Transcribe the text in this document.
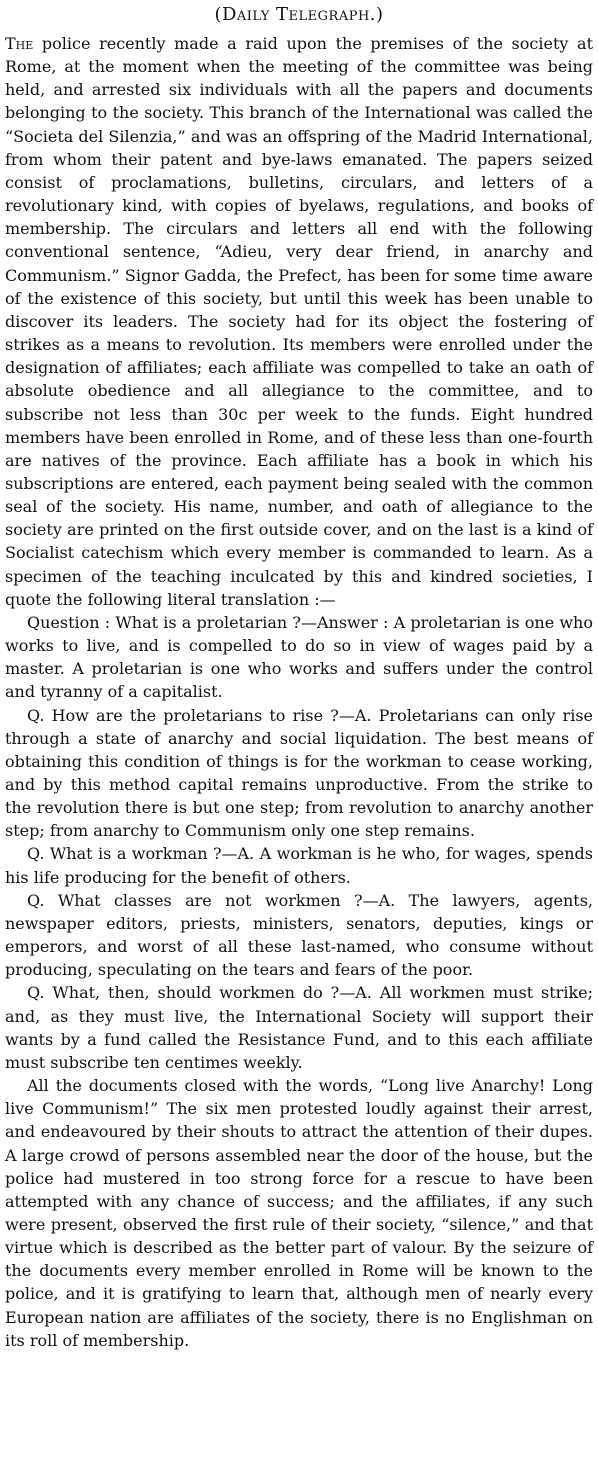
(Daily Telegraph.)

The police recently made a raid upon the premises of the society at Rome, at the moment when the meeting of the committee was being held, and arrested six individuals with all the papers and documents belonging to the society. This branch of the International was called the “Societa del Silenzia,” and was an offspring of the Madrid International, from whom their patent and bye-laws emanated. The papers seized consist of proclamations, bulletins, circulars, and letters of a revolutionary kind, with copies of byelaws, regulations, and books of membership. The circulars and letters all end with the following conventional sentence, “Adieu, very dear friend, in anarchy and Communism.” Signor Gadda, the Prefect, has been for some time aware of the existence of this society, but until this week has been unable to discover its leaders. The society had for its object the fostering of strikes as a means to revolution. Its members were enrolled under the designation of affiliates; each affiliate was compelled to take an oath of absolute obedience and all allegiance to the committee, and to subscribe not less than 30c per week to the funds. Eight hundred members have been enrolled in Rome, and of these less than one-fourth are natives of the province. Each affiliate has a book in which his subscriptions are entered, each payment being sealed with the common seal of the society. His name, number, and oath of allegiance to the society are printed on the first outside cover, and on the last is a kind of Socialist catechism which every member is commanded to learn. As a specimen of the teaching inculcated by this and kindred societies, I quote the following literal translation :—

Question : What is a proletarian ?—Answer : A proletarian is one who works to live, and is compelled to do so in view of wages paid by a master. A proletarian is one who works and suffers under the control and tyranny of a capitalist.

Q. How are the proletarians to rise ?—A. Proletarians can only rise through a state of anarchy and social liquidation. The best means of obtaining this condition of things is for the workman to cease working, and by this method capital remains unproductive. From the strike to the revolution there is but one step; from revolution to anarchy another step; from anarchy to Communism only one step remains.

Q. What is a workman ?—A. A workman is he who, for wages, spends his life producing for the benefit of others.

Q. What classes are not workmen ?—A. The lawyers, agents, newspaper editors, priests, ministers, senators, deputies, kings or emperors, and worst of all these last-named, who consume without producing, speculating on the tears and fears of the poor.

Q. What, then, should workmen do ?—A. All workmen must strike; and, as they must live, the International Society will support their wants by a fund called the Resistance Fund, and to this each affiliate must subscribe ten centimes weekly.

All the documents closed with the words, “Long live Anarchy! Long live Communism!” The six men protested loudly against their arrest, and endeavoured by their shouts to attract the attention of their dupes. A large crowd of persons assembled near the door of the house, but the police had mustered in too strong force for a rescue to have been attempted with any chance of success; and the affiliates, if any such were present, observed the first rule of their society, “silence,” and that virtue which is described as the better part of valour. By the seizure of the documents every member enrolled in Rome will be known to the police, and it is gratifying to learn that, although men of nearly every European nation are affiliates of the society, there is no Englishman on its roll of membership.
